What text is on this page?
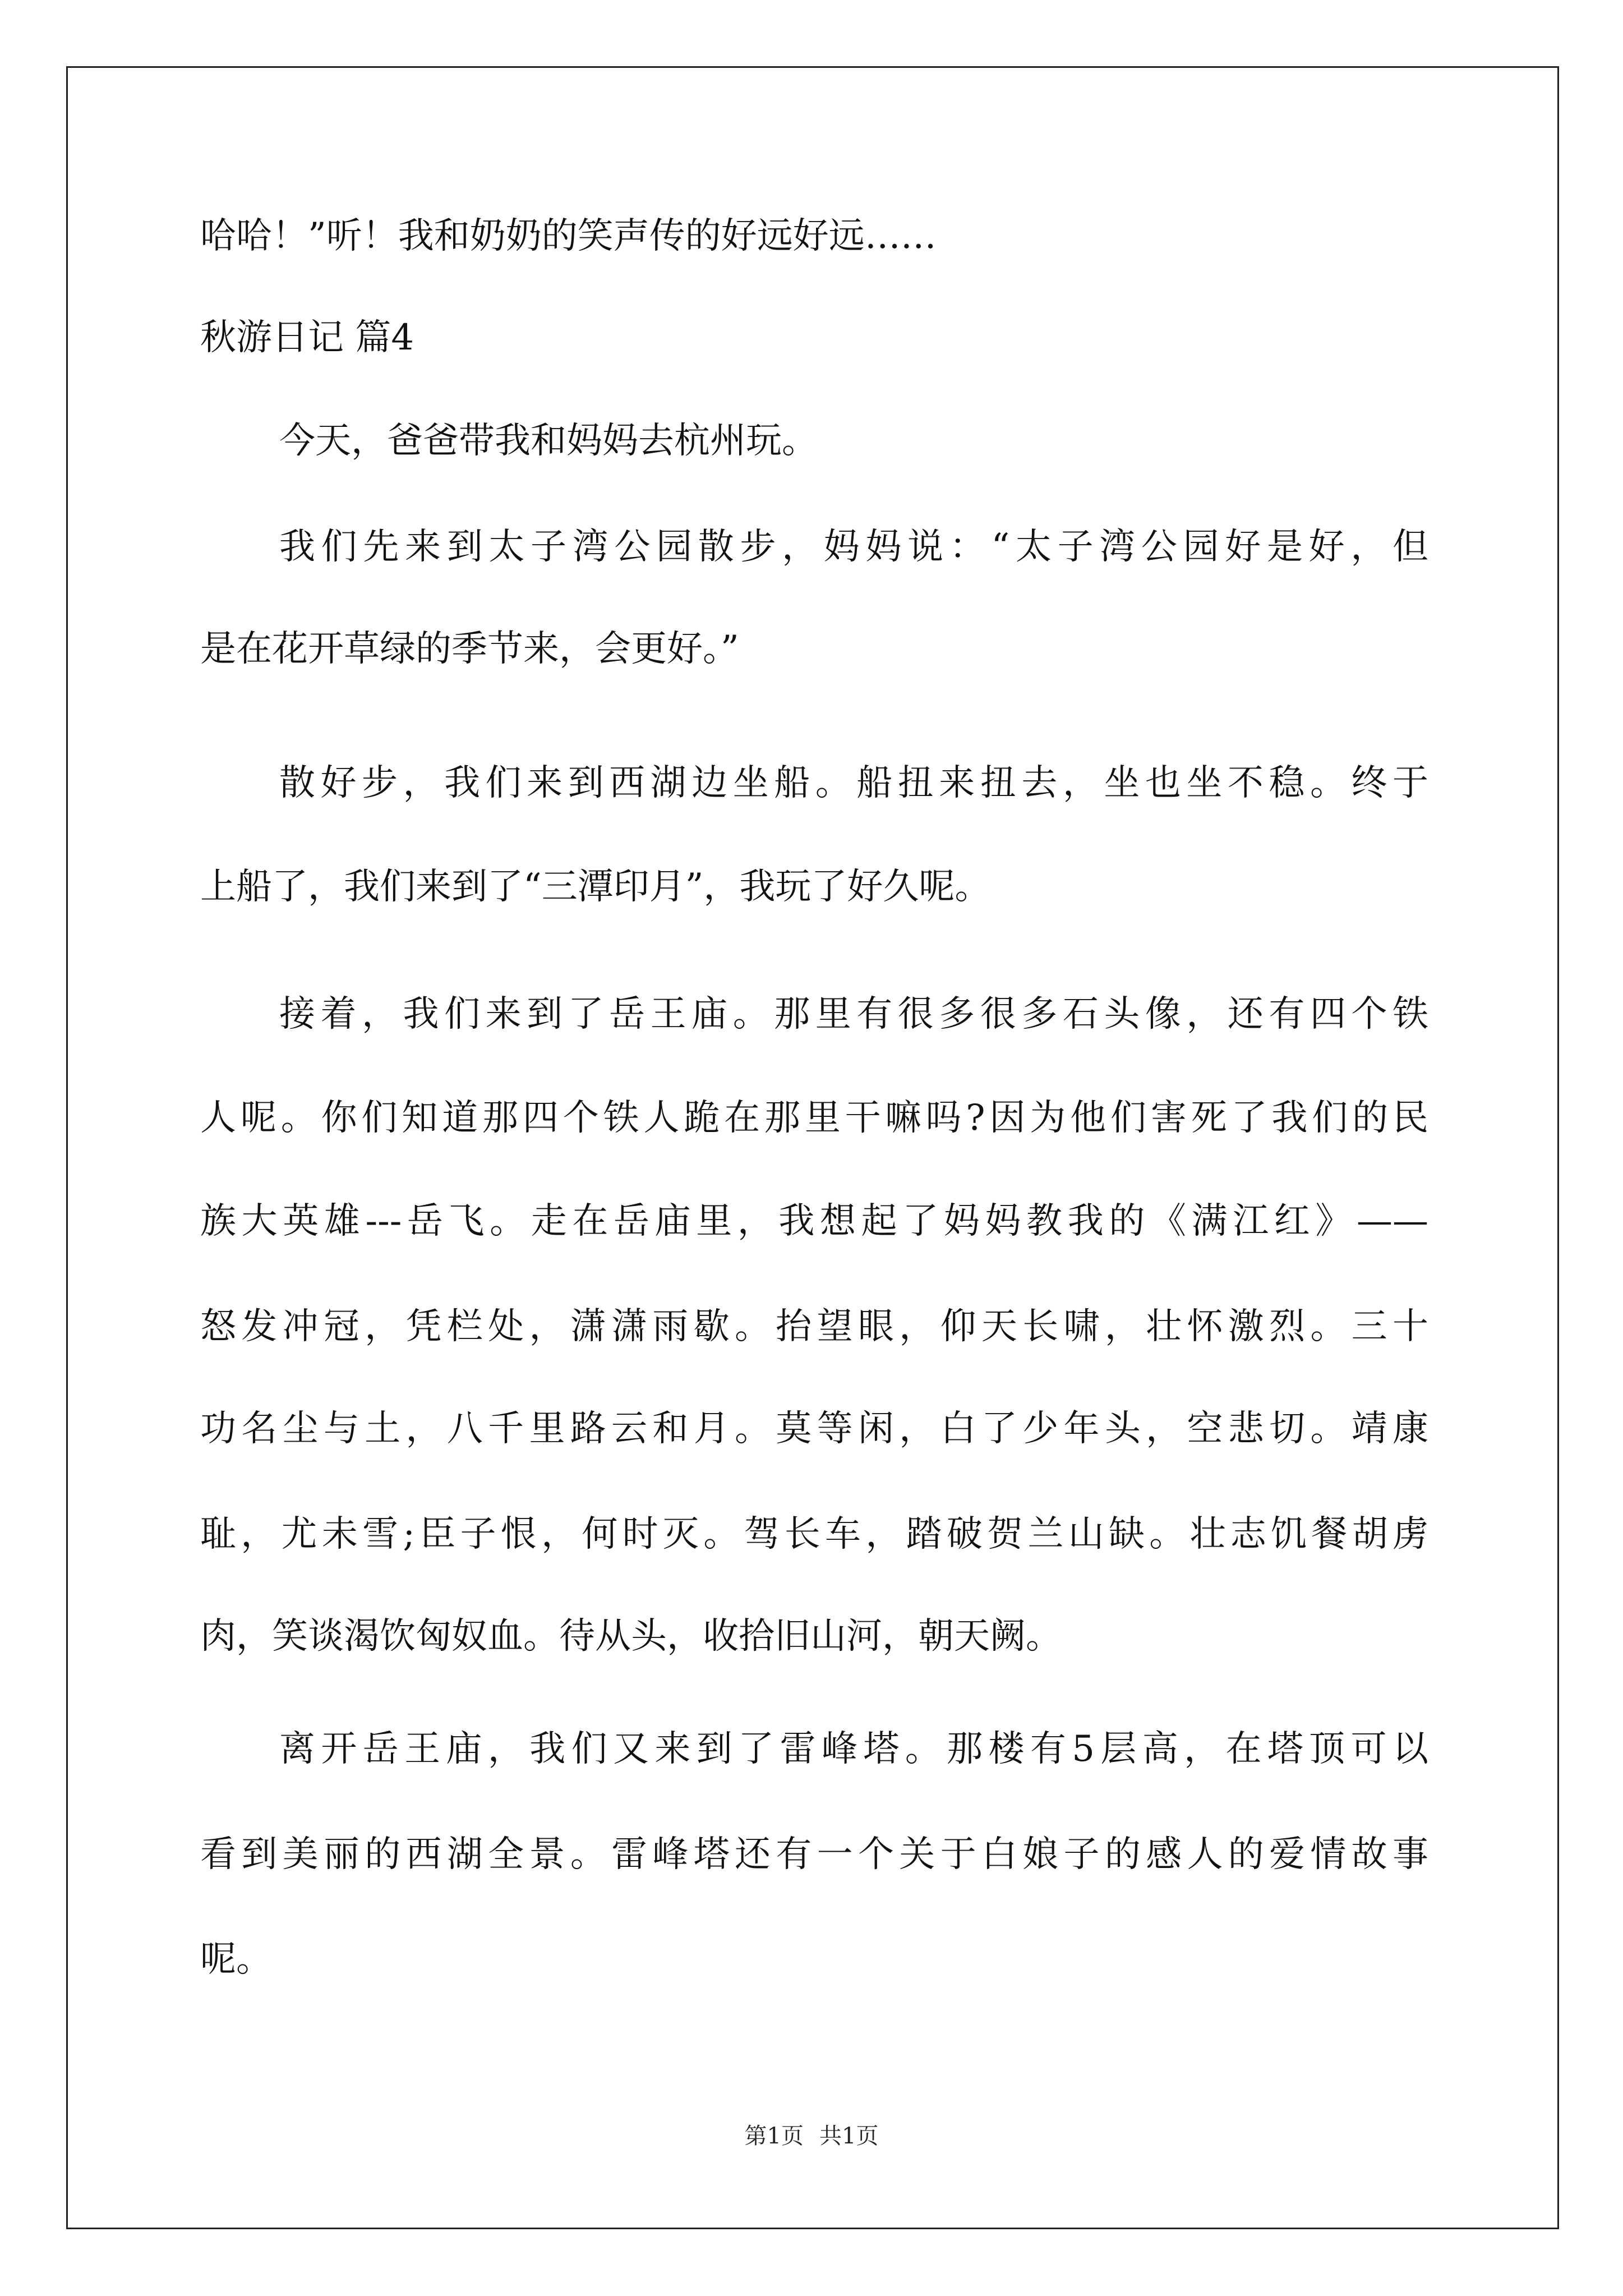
哈哈！”听！我和奶奶的笑声传的好远好远……
秋游日记 篇4
今天，爸爸带我和妈妈去杭州玩。
我们先来到太子湾公园散步，妈妈说：“太子湾公园好是好，但
是在花开草绿的季节来，会更好。”
散好步，我们来到西湖边坐船。船扭来扭去，坐也坐不稳。终于
上船了，我们来到了“三潭印月”，我玩了好久呢。
接着，我们来到了岳王庙。那里有很多很多石头像，还有四个铁
人呢。你们知道那四个铁人跪在那里干嘛吗?因为他们害死了我们的民
族大英雄---岳飞。走在岳庙里，我想起了妈妈教我的《满江红》——
怒发冲冠，凭栏处，潇潇雨歇。抬望眼，仰天长啸，壮怀激烈。三十
功名尘与土，八千里路云和月。莫等闲，白了少年头，空悲切。靖康
耻，尤未雪;臣子恨，何时灭。驾长车，踏破贺兰山缺。壮志饥餐胡虏
肉，笑谈渴饮匈奴血。待从头，收拾旧山河，朝天阙。
离开岳王庙，我们又来到了雷峰塔。那楼有5层高，在塔顶可以
看到美丽的西湖全景。雷峰塔还有一个关于白娘子的感人的爱情故事
呢。
第1页 共1页
